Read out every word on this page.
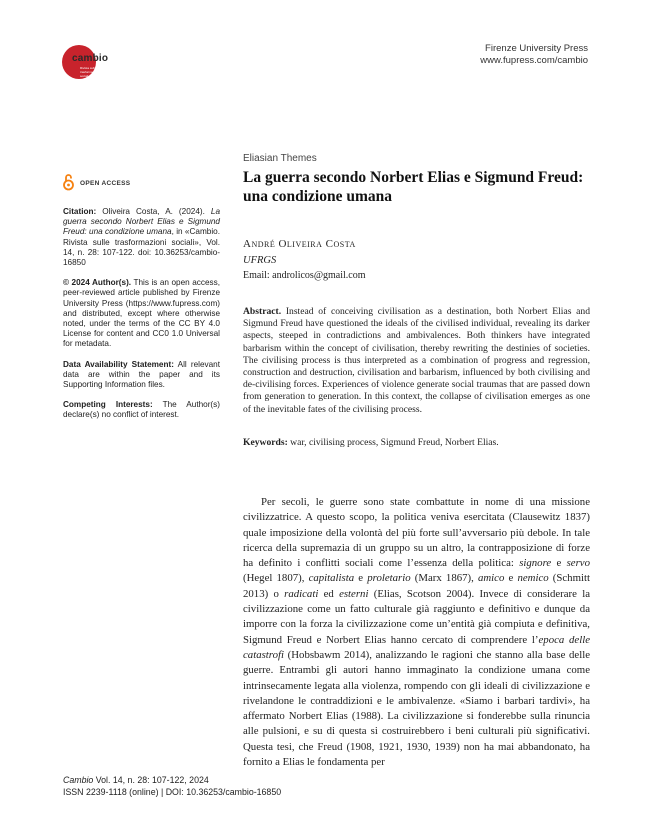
cambio
Rivista sulle trasformazioni sociali
Firenze University Press
www.fupress.com/cambio
OPEN ACCESS

Citation: Oliveira Costa, A. (2024). La guerra secondo Norbert Elias e Sigmund Freud: una condizione umana, in «Cambio. Rivista sulle trasformazioni sociali», Vol. 14, n. 28: 107-122. doi: 10.36253/cambio-16850

© 2024 Author(s). This is an open access, peer-reviewed article published by Firenze University Press (https://www.fupress.com) and distributed, except where otherwise noted, under the terms of the CC BY 4.0 License for content and CC0 1.0 Universal for metadata.

Data Availability Statement: All relevant data are within the paper and its Supporting Information files.

Competing Interests: The Author(s) declare(s) no conflict of interest.

Eliasian Themes
La guerra secondo Norbert Elias e Sigmund Freud: una condizione umana
André Oliveira Costa
UFRGS
Email: androlicos@gmail.com
Abstract. Instead of conceiving civilisation as a destination, both Norbert Elias and Sigmund Freud have questioned the ideals of the civilised individual, revealing its darker aspects, steeped in contradictions and ambivalences. Both thinkers have integrated barbarism within the concept of civilisation, thereby rewriting the destinies of societies. The civilising process is thus interpreted as a combination of progress and regression, construction and destruction, civilisation and barbarism, influenced by both civilising and de-civilising forces. Experiences of violence generate social traumas that are passed down from generation to generation. In this context, the collapse of civilisation emerges as one of the inevitable fates of the civilising process.
Keywords: war, civilising process, Sigmund Freud, Norbert Elias.
Per secoli, le guerre sono state combattute in nome di una missione civilizzatrice. A questo scopo, la politica veniva esercitata (Clausewitz 1837) quale imposizione della volontà del più forte sull’avversario più debole. In tale ricerca della supremazia di un gruppo su un altro, la contrapposizione di forze ha definito i conflitti sociali come l’essenza della politica: signore e servo (Hegel 1807), capitalista e proletario (Marx 1867), amico e nemico (Schmitt 2013) o radicati ed esterni (Elias, Scotson 2004). Invece di considerare la civilizzazione come un fatto culturale già raggiunto e definitivo e dunque da imporre con la forza la civilizzazione come un’entità già compiuta e definitiva, Sigmund Freud e Norbert Elias hanno cercato di comprendere l’epoca delle catastrofi (Hobsbawm 2014), analizzando le ragioni che stanno alla base delle guerre. Entrambi gli autori hanno immaginato la condizione umana come intrinsecamente legata alla violenza, rompendo con gli ideali di civilizzazione e rivelandone le contraddizioni e le ambivalenze. «Siamo i barbari tardivi», ha affermato Norbert Elias (1988). La civilizzazione si fonderebbe sulla rinuncia alle pulsioni, e su di questa si costruirebbero i beni culturali più significativi. Questa tesi, che Freud (1908, 1921, 1930, 1939) non ha mai abbandonato, ha fornito a Elias le fondamenta per
Cambio Vol. 14, n. 28: 107-122, 2024
ISSN 2239-1118 (online) | DOI: 10.36253/cambio-16850
